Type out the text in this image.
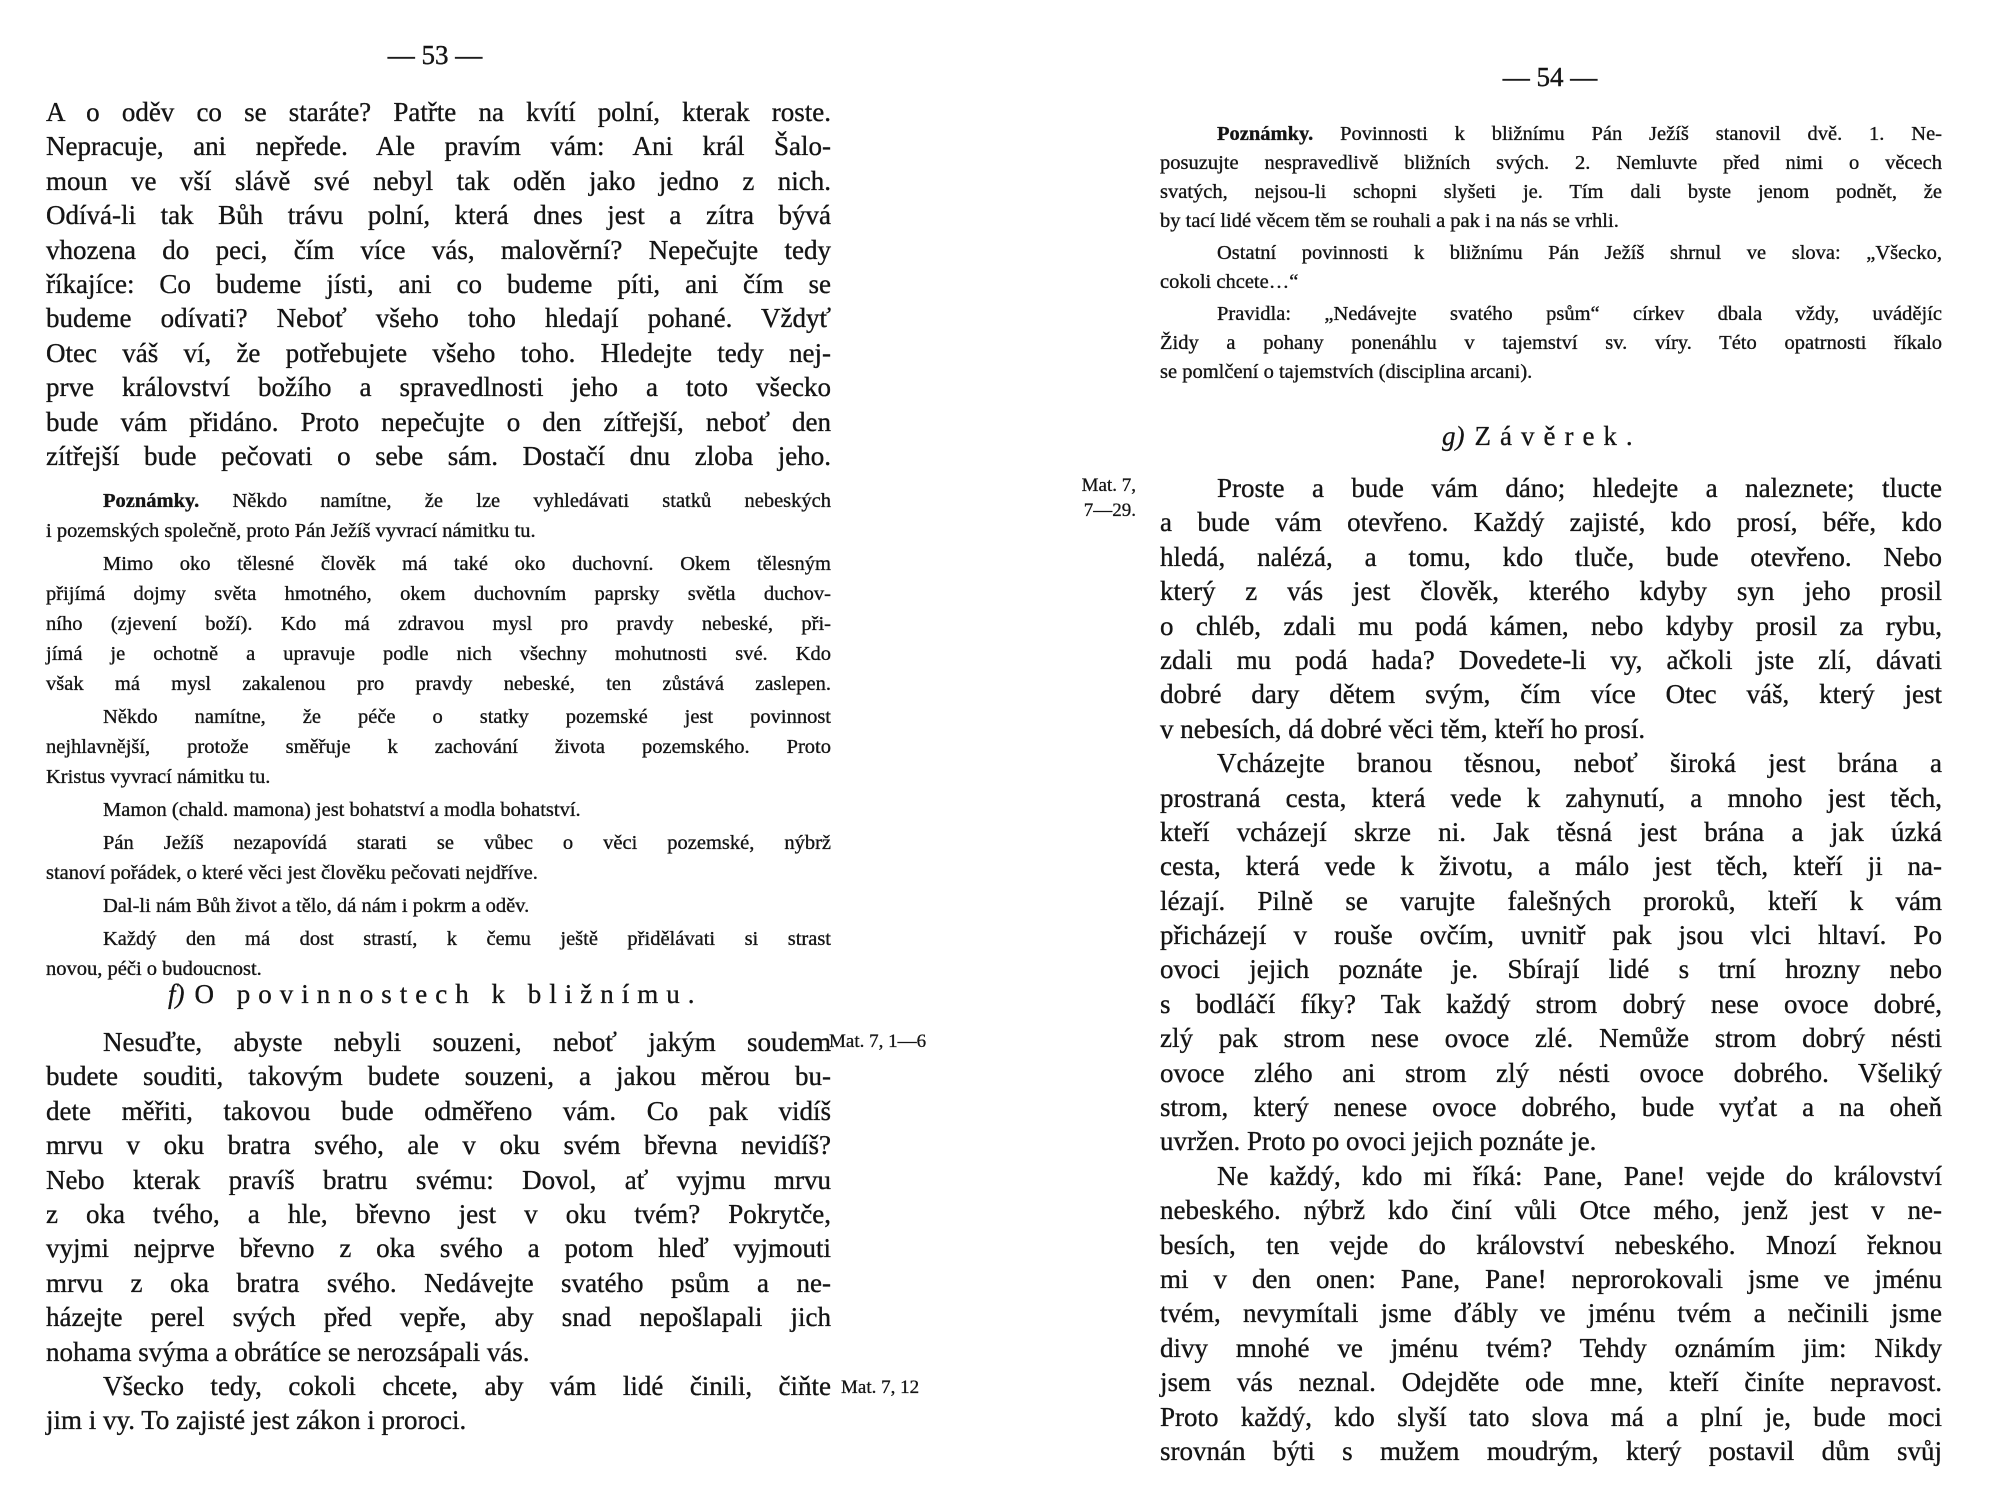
— 53 —
A o oděv co se staráte? Patřte na kvítí polní, kterak roste.
Nepracuje, ani nepřede. Ale pravím vám: Ani král Šalo-
moun ve vší slávě své nebyl tak oděn jako jedno z nich.
Odívá-li tak Bůh trávu polní, která dnes jest a zítra bývá
vhozena do peci, čím více vás, malověrní? Nepečujte tedy
říkajíce: Co budeme jísti, ani co budeme píti, ani čím se
budeme odívati? Neboť všeho toho hledají pohané. Vždyť
Otec váš ví, že potřebujete všeho toho. Hledejte tedy nej-
prve království božího a spravedlnosti jeho a toto všecko
bude vám přidáno. Proto nepečujte o den zítřejší, neboť den
zítřejší bude pečovati o sebe sám. Dostačí dnu zloba jeho.
Poznámky. Někdo namítne, že lze vyhledávati statků nebeských
i pozemských společně, proto Pán Ježíš vyvrací námitku tu.
Mimo oko tělesné člověk má také oko duchovní. Okem tělesným
přijímá dojmy světa hmotného, okem duchovním paprsky světla duchov-
ního (zjevení boží). Kdo má zdravou mysl pro pravdy nebeské, při-
jímá je ochotně a upravuje podle nich všechny mohutnosti své. Kdo
však má mysl zakalenou pro pravdy nebeské, ten zůstává zaslepen.
Někdo namítne, že péče o statky pozemské jest povinnost
nejhlavnější, protože směřuje k zachování života pozemského. Proto
Kristus vyvrací námitku tu.
Mamon (chald. mamona) jest bohatství a modla bohatství.
Pán Ježíš nezapovídá starati se vůbec o věci pozemské, nýbrž
stanoví pořádek, o které věci jest člověku pečovati nejdříve.
Dal-li nám Bůh život a tělo, dá nám i pokrm a oděv.
Každý den má dost strastí, k čemu ještě přidělávati si strast
novou, péči o budoucnost.
f) O povinnostech k bližnímu.
Nesuďte, abyste nebyli souzeni, neboť jakým soudem
budete souditi, takovým budete souzeni, a jakou měrou bu-
dete měřiti, takovou bude odměřeno vám. Co pak vidíš
mrvu v oku bratra svého, ale v oku svém břevna nevidíš?
Nebo kterak pravíš bratru svému: Dovol, ať vyjmu mrvu
z oka tvého, a hle, břevno jest v oku tvém? Pokrytče,
vyjmi nejprve břevno z oka svého a potom hleď vyjmouti
mrvu z oka bratra svého. Nedávejte svatého psům a ne-
házejte perel svých před vepře, aby snad nepošlapali jich
nohama svýma a obrátíce se nerozsápali vás.
Všecko tedy, cokoli chcete, aby vám lidé činili, čiňte
jim i vy. To zajisté jest zákon i proroci.
Mat. 7, 1—6
Mat. 7, 12
— 54 —
Poznámky. Povinnosti k bližnímu Pán Ježíš stanovil dvě. 1. Ne-
posuzujte nespravedlivě bližních svých. 2. Nemluvte před nimi o věcech
svatých, nejsou-li schopni slyšeti je. Tím dali byste jenom podnět, že
by tací lidé věcem těm se rouhali a pak i na nás se vrhli.
Ostatní povinnosti k bližnímu Pán Ježíš shrnul ve slova: „Všecko,
cokoli chcete…“
Pravidla: „Nedávejte svatého psům“ církev dbala vždy, uvádějíc
Židy a pohany ponenáhlu v tajemství sv. víry. Této opatrnosti říkalo
se pomlčení o tajemstvích (disciplina arcani).
g) Závěrek.
Mat. 7,
7—29.
Proste a bude vám dáno; hledejte a naleznete; tlucte
a bude vám otevřeno. Každý zajisté, kdo prosí, béře, kdo
hledá, nalézá, a tomu, kdo tluče, bude otevřeno. Nebo
který z vás jest člověk, kterého kdyby syn jeho prosil
o chléb, zdali mu podá kámen, nebo kdyby prosil za rybu,
zdali mu podá hada? Dovedete-li vy, ačkoli jste zlí, dávati
dobré dary dětem svým, čím více Otec váš, který jest
v nebesích, dá dobré věci těm, kteří ho prosí.
Vcházejte branou těsnou, neboť široká jest brána a
prostraná cesta, která vede k zahynutí, a mnoho jest těch,
kteří vcházejí skrze ni. Jak těsná jest brána a jak úzká
cesta, která vede k životu, a málo jest těch, kteří ji na-
lézají. Pilně se varujte falešných proroků, kteří k vám
přicházejí v rouše ovčím, uvnitř pak jsou vlci hltaví. Po
ovoci jejich poznáte je. Sbírají lidé s trní hrozny nebo
s bodláčí fíky? Tak každý strom dobrý nese ovoce dobré,
zlý pak strom nese ovoce zlé. Nemůže strom dobrý nésti
ovoce zlého ani strom zlý nésti ovoce dobrého. Všeliký
strom, který nenese ovoce dobrého, bude vyťat a na oheň
uvržen. Proto po ovoci jejich poznáte je.
Ne každý, kdo mi říká: Pane, Pane! vejde do království
nebeského. nýbrž kdo činí vůli Otce mého, jenž jest v ne-
besích, ten vejde do království nebeského. Mnozí řeknou
mi v den onen: Pane, Pane! neprorokovali jsme ve jménu
tvém, nevymítali jsme ďábly ve jménu tvém a nečinili jsme
divy mnohé ve jménu tvém? Tehdy oznámím jim: Nikdy
jsem vás neznal. Odejděte ode mne, kteří činíte nepravost.
Proto každý, kdo slyší tato slova má a plní je, bude moci
srovnán býti s mužem moudrým, který postavil dům svůj
